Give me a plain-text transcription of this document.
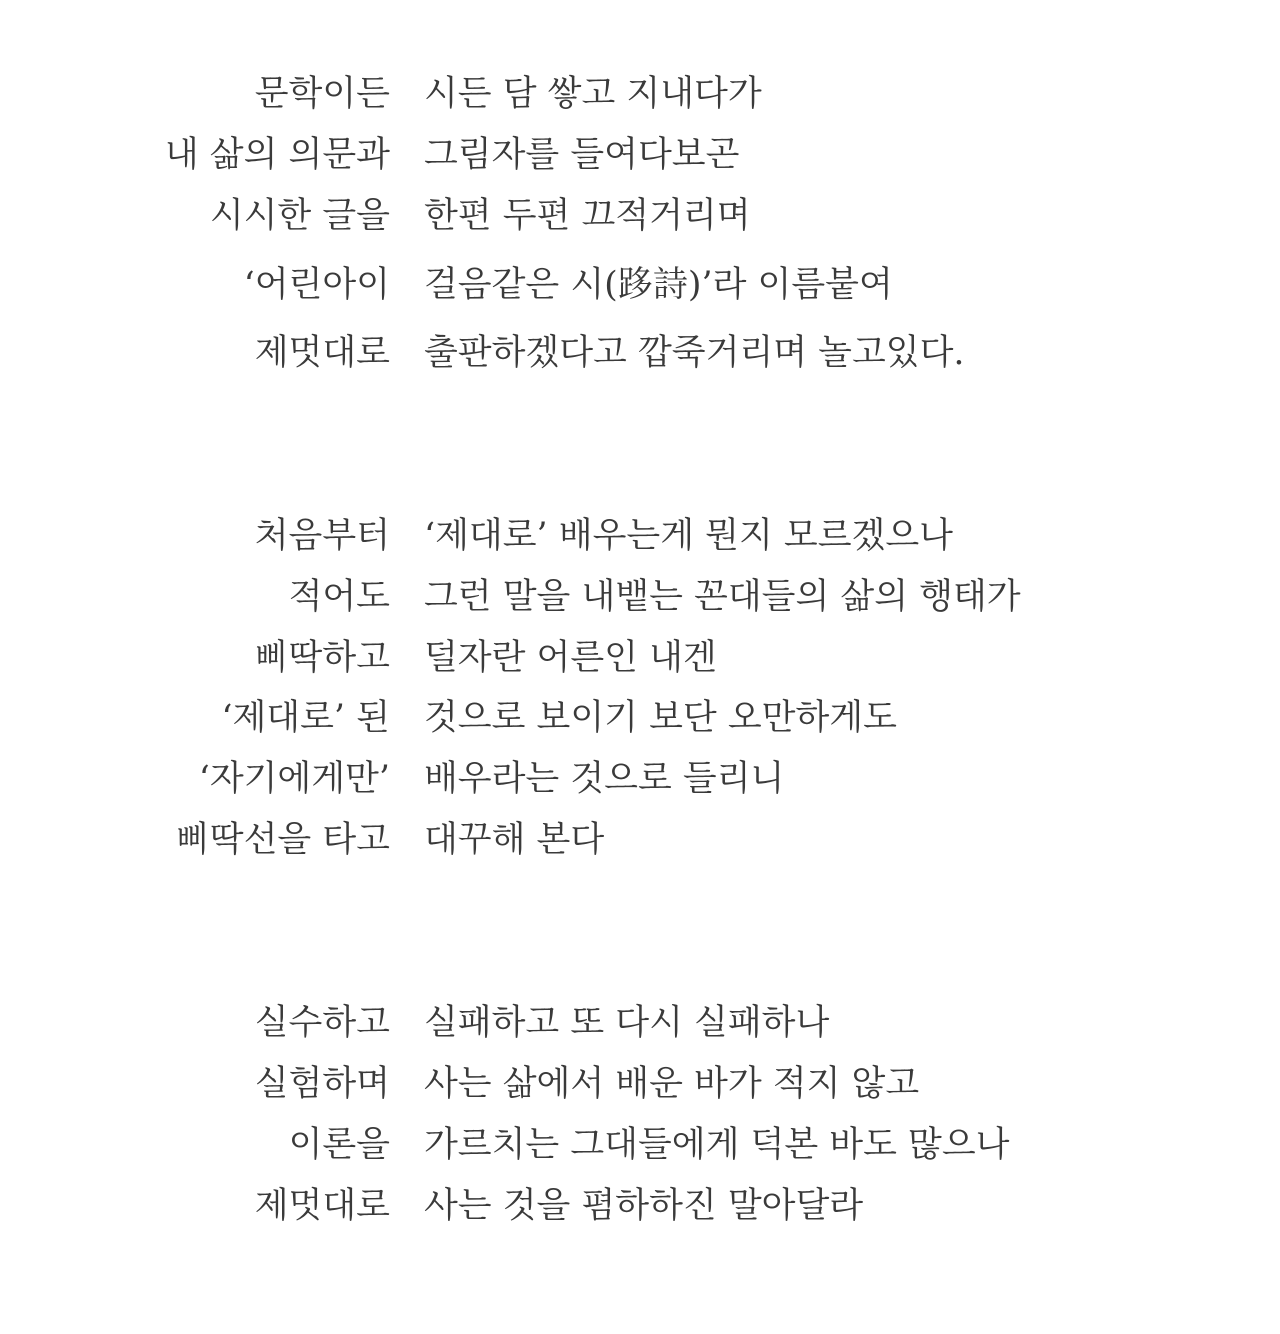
문학이든 시든 담 쌓고 지내다가
내 삶의 의문과 그림자를 들여다보곤
시시한 글을 한편 두편 끄적거리며
‘어린아이 걸음같은 시(跢詩)’라 이름붙여
제멋대로 출판하겠다고 깝죽거리며 놀고있다.
처음부터 ‘제대로’ 배우는게 뭔지 모르겠으나
적어도 그런 말을 내뱉는 꼰대들의 삶의 행태가
삐딱하고 덜자란 어른인 내겐
‘제대로’ 된 것으로 보이기 보단 오만하게도
‘자기에게만’ 배우라는 것으로 들리니
삐딱선을 타고 대꾸해 본다
실수하고 실패하고 또 다시 실패하나
실험하며 사는 삶에서 배운 바가 적지 않고
이론을 가르치는 그대들에게 덕본 바도 많으나
제멋대로 사는 것을 폄하하진 말아달라
